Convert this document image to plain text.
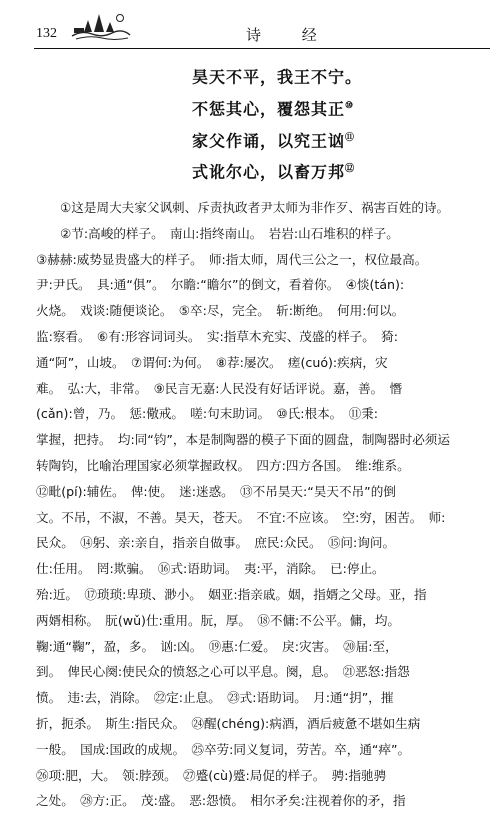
132	诗 经
昊天不平，我王不宁。
不惩其心，覆怨其正⑩
家父作诵，以究王讻⑪
式讹尔心，以畜万邦⑫
①这是周大夫家父讽刺、斥责执政者尹太师为非作歹、祸害百姓的诗。
②节:高峻的样子。　南山:指终南山。　岩岩:山石堆积的样子。
③赫赫:威势显贵盛大的样子。　师:指太师，周代三公之一，权位最高。
尹:尹氏。　具:通“俱”。　尔瞻:“瞻尔”的倒文，看着你。　④惔(tán):
火烧。　戏谈:随便谈论。　⑤卒:尽，完全。　斩:断绝。　何用:何以。
监:察看。　⑥有:形容词词头。　实:指草木充实、茂盛的样子。　猗:
通“阿”，山坡。　⑦谓何:为何。　⑧荐:屡次。　瘥(cuó):疾病，灾
难。　弘:大，非常。　⑨民言无嘉:人民没有好话评说。嘉，善。　憯
(cǎn):曾，乃。　惩:儆戒。　嗟:句末助词。　⑩氏:根本。　⑪秉:
掌握，把持。　均:同“钧”，本是制陶器的模子下面的圆盘，制陶器时必须运
转陶钧，比喻治理国家必须掌握政权。　四方:四方各国。　维:维系。
⑫毗(pí):辅佐。　俾:使。　迷:迷惑。　⑬不吊昊天:“昊天不吊”的倒
文。不吊，不淑，不善。昊天，苍天。　不宜:不应该。　空:穷，困苦。　师:
民众。　⑭躬、亲:亲自，指亲自做事。　庶民:众民。　⑮问:询问。
仕:任用。　罔:欺骗。　⑯式:语助词。　夷:平，消除。　已:停止。
殆:近。　⑰琐琐:卑琐、渺小。　姻亚:指亲戚。姻，指婿之父母。亚，指
两婿相称。　朊(wǔ)仕:重用。朊，厚。　⑱不傭:不公平。傭，均。
鞠:通“鞠”，盈，多。　讻:凶。　⑲惠:仁爱。　戾:灾害。　⑳届:至，
到。　俾民心阕:使民众的愤怒之心可以平息。阕，息。　㉑恶怒:指怨
愤。　违:去，消除。　㉒定:止息。　㉓式:语助词。　月:通“抈”，摧
折，扼杀。　斯生:指民众。　㉔醒(chéng):病酒，酒后疲惫不堪如生病
一般。　国成:国政的成规。　㉕卒劳:同义复词，劳苦。卒，通“瘁”。
㉖项:肥，大。　领:脖颈。　㉗蹙(cù)蹙:局促的样子。　骋:指驰骋
之处。　㉘方:正。　茂:盛。　恶:怨愤。　相尔矛矣:注视着你的矛，指
